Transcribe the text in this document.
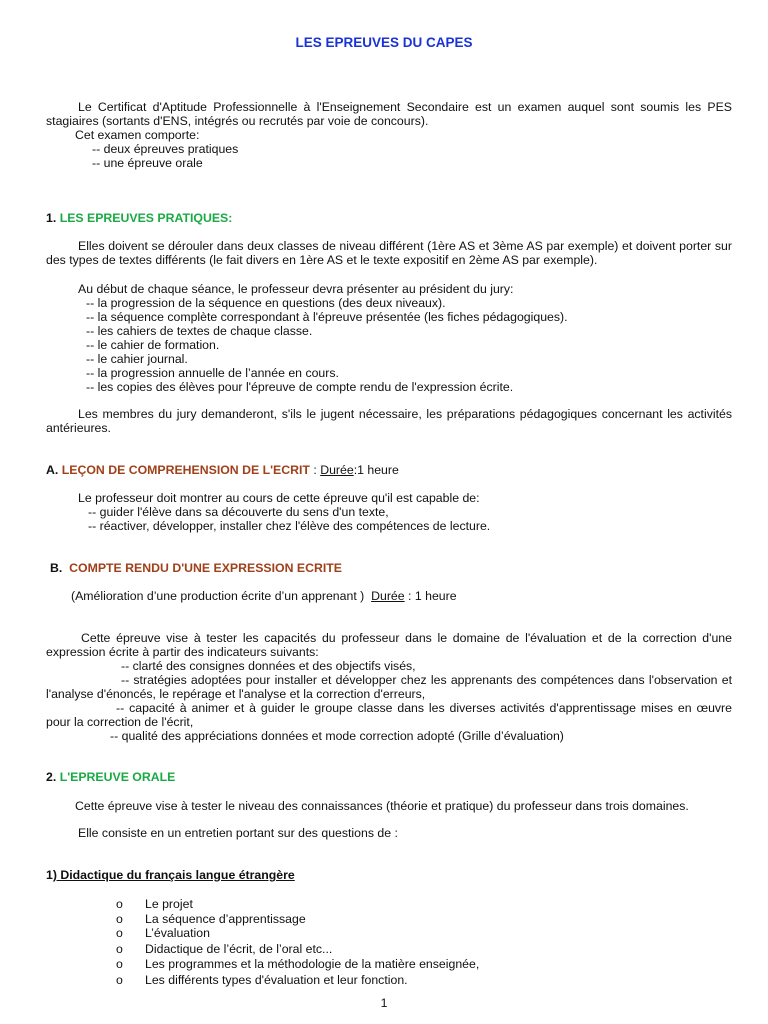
LES EPREUVES DU CAPES
Le Certificat d'Aptitude Professionnelle à l'Enseignement Secondaire est un examen auquel sont soumis les PES stagiaires (sortants d'ENS, intégrés ou recrutés par voie de concours).
Cet examen comporte:
-- deux épreuves pratiques
-- une épreuve orale
1. LES EPREUVES PRATIQUES:
Elles doivent se dérouler dans deux classes de niveau différent (1ère AS et 3ème AS par exemple) et doivent porter sur des types de textes différents (le fait divers en 1ère AS et le texte expositif en 2ème AS par exemple).
Au début de chaque séance, le professeur devra présenter au président du jury:
-- la progression de la séquence en questions (des deux niveaux).
-- la séquence complète correspondant à l'épreuve présentée (les fiches pédagogiques).
-- les cahiers de textes de chaque classe.
-- le cahier de formation.
-- le cahier journal.
-- la progression annuelle de l’année en cours.
-- les copies des élèves pour l'épreuve de compte rendu de l'expression écrite.
Les membres du jury demanderont, s'ils le jugent nécessaire, les préparations pédagogiques concernant les activités antérieures.
A. LEÇON DE COMPREHENSION DE L'ECRIT : Durée:1 heure
Le professeur doit montrer au cours de cette épreuve qu'il est capable de:
-- guider l'élève dans sa découverte du sens d'un texte,
-- réactiver, développer, installer chez l'élève des compétences de lecture.
B. COMPTE RENDU D'UNE EXPRESSION ECRITE
(Amélioration d’une production écrite d’un apprenant ) Durée : 1 heure
Cette épreuve vise à tester les capacités du professeur dans le domaine de l'évaluation et de la correction d'une expression écrite à partir des indicateurs suivants:
-- clarté des consignes données et des objectifs visés,
-- stratégies adoptées pour installer et développer chez les apprenants des compétences dans l'observation et l'analyse d'énoncés, le repérage et l'analyse et la correction d'erreurs,
-- capacité à animer et à guider le groupe classe dans les diverses activités d'apprentissage mises en œuvre pour la correction de l'écrit,
-- qualité des appréciations données et mode correction adopté (Grille d’évaluation)
2. L'EPREUVE ORALE
Cette épreuve vise à tester le niveau des connaissances (théorie et pratique) du professeur dans trois domaines.
Elle consiste en un entretien portant sur des questions de :
1) Didactique du français langue étrangère
o Le projet
o La séquence d’apprentissage
o L’évaluation
o Didactique de l’écrit, de l’oral etc...
o Les programmes et la méthodologie de la matière enseignée,
o Les différents types d'évaluation et leur fonction.
1
